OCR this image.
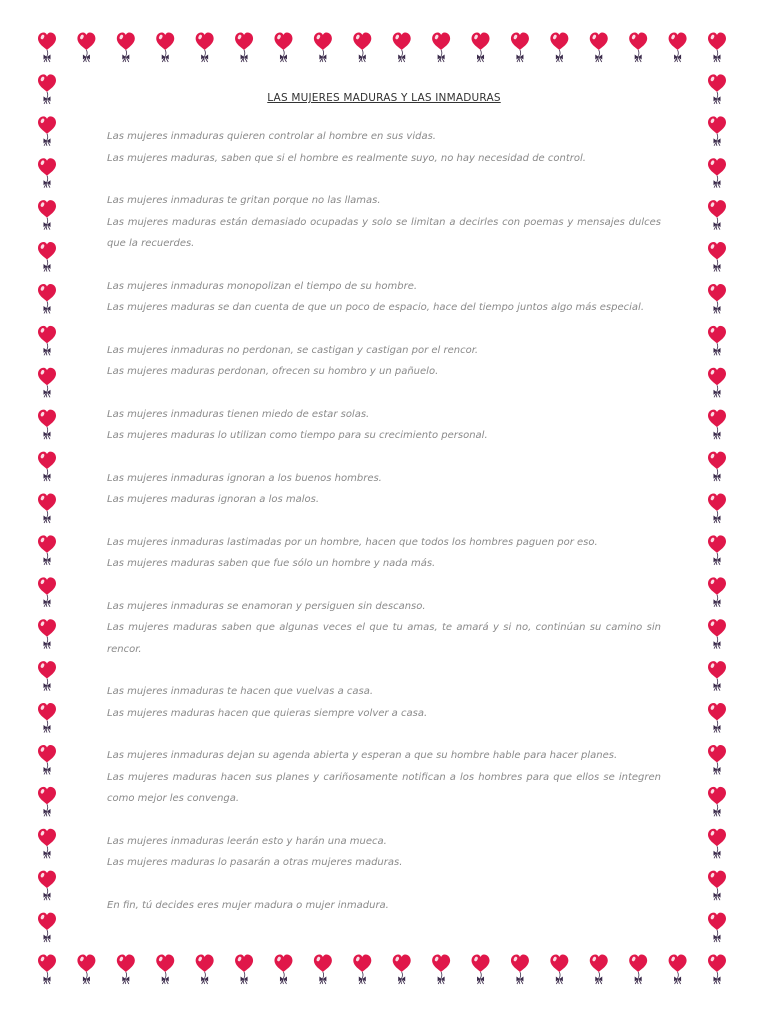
LAS MUJERES MADURAS Y LAS INMADURAS
Las mujeres inmaduras quieren controlar al hombre en sus vidas.
Las mujeres maduras, saben que si el hombre es realmente suyo, no hay necesidad de control.
Las mujeres inmaduras te gritan porque no las llamas.
Las mujeres maduras están demasiado ocupadas y solo se limitan a decirles con poemas y mensajes dulces que la recuerdes.
Las mujeres inmaduras monopolizan el tiempo de su hombre.
Las mujeres maduras se dan cuenta de que un poco de espacio, hace del tiempo juntos algo más especial.
Las mujeres inmaduras no perdonan, se castigan y castigan por el rencor.
Las mujeres maduras perdonan, ofrecen su hombro y un pañuelo.
Las mujeres inmaduras tienen miedo de estar solas.
Las mujeres maduras lo utilizan como tiempo para su crecimiento personal.
Las mujeres inmaduras ignoran a los buenos hombres.
Las mujeres maduras ignoran a los malos.
Las mujeres inmaduras lastimadas por un hombre, hacen que todos los hombres paguen por eso.
Las mujeres maduras saben que fue sólo un hombre y nada más.
Las mujeres inmaduras se enamoran y persiguen sin descanso.
Las mujeres maduras saben que algunas veces el que tu amas, te amará y si no, continúan su camino sin rencor.
Las mujeres inmaduras te hacen que vuelvas a casa.
Las mujeres maduras hacen que quieras siempre volver a casa.
Las mujeres inmaduras dejan su agenda abierta y esperan a que su hombre hable para hacer planes.
Las mujeres maduras hacen sus planes y cariñosamente notifican a los hombres para que ellos se integren como mejor les convenga.
Las mujeres inmaduras leerán esto y harán una mueca.
Las mujeres maduras lo pasarán a otras mujeres maduras.
En fin, tú decides eres mujer madura o mujer inmadura.
